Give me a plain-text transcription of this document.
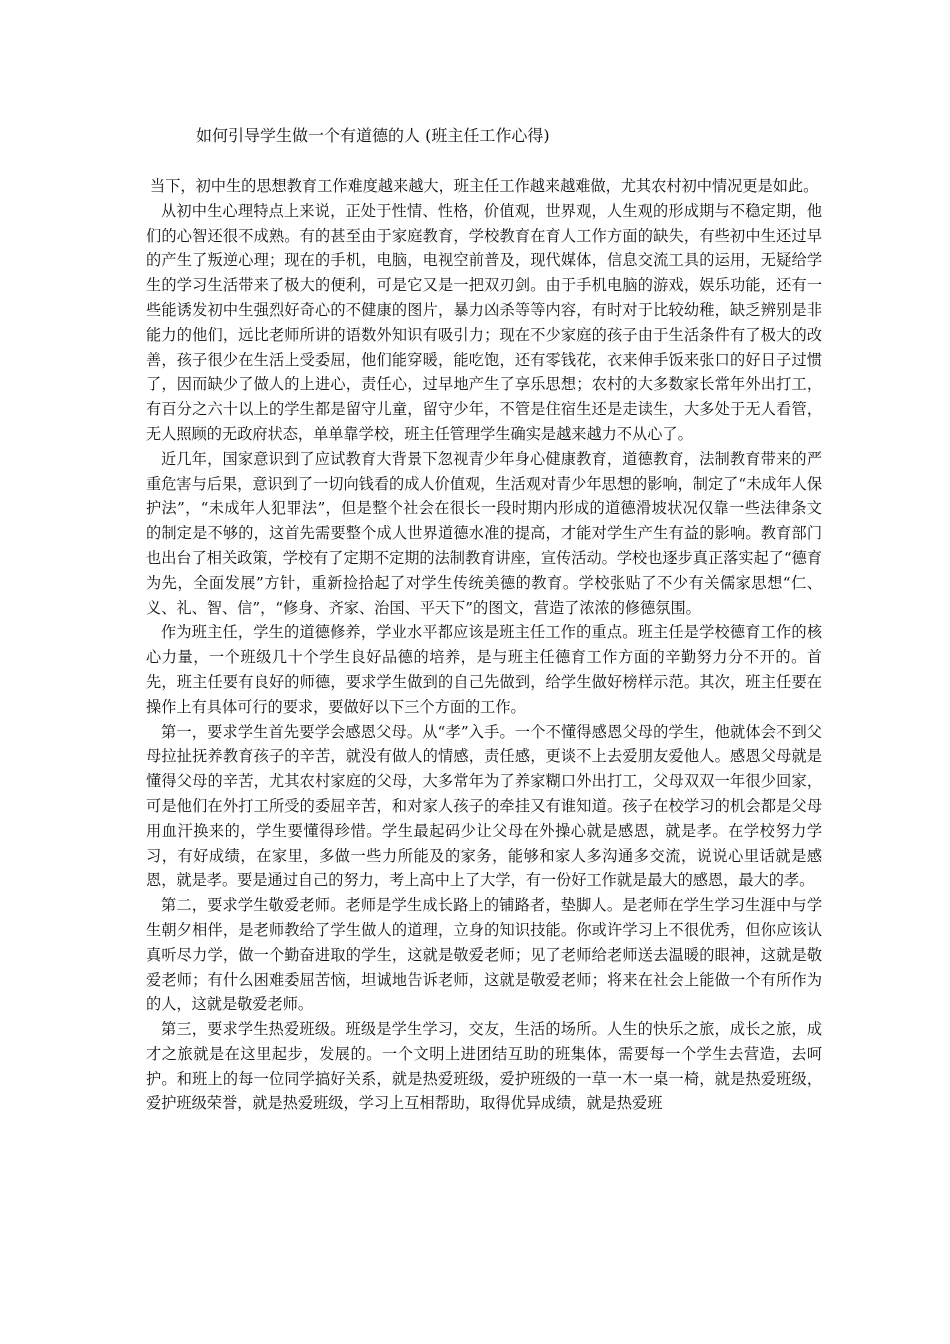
如何引导学生做一个有道德的人 (班主任工作心得)

当下，初中生的思想教育工作难度越来越大，班主任工作越来越难做，尤其农村初中情况更是如此。

从初中生心理特点上来说，正处于性情、性格，价值观，世界观，人生观的形成期与不稳定期，他们的心智还很不成熟。有的甚至由于家庭教育，学校教育在育人工作方面的缺失，有些初中生还过早的产生了叛逆心理；现在的手机，电脑，电视空前普及，现代媒体，信息交流工具的运用，无疑给学生的学习生活带来了极大的便利，可是它又是一把双刃剑。由于手机电脑的游戏，娱乐功能，还有一些能诱发初中生强烈好奇心的不健康的图片，暴力凶杀等等内容，有时对于比较幼稚，缺乏辨别是非能力的他们，远比老师所讲的语数外知识有吸引力；现在不少家庭的孩子由于生活条件有了极大的改善，孩子很少在生活上受委屈，他们能穿暖，能吃饱，还有零钱花，衣来伸手饭来张口的好日子过惯了，因而缺少了做人的上进心，责任心，过早地产生了享乐思想；农村的大多数家长常年外出打工，有百分之六十以上的学生都是留守儿童，留守少年，不管是住宿生还是走读生，大多处于无人看管，无人照顾的无政府状态，单单靠学校，班主任管理学生确实是越来越力不从心了。

近几年，国家意识到了应试教育大背景下忽视青少年身心健康教育，道德教育，法制教育带来的严重危害与后果，意识到了一切向钱看的成人价值观，生活观对青少年思想的影响，制定了“未成年人保护法”，“未成年人犯罪法”，但是整个社会在很长一段时期内形成的道德滑坡状况仅靠一些法律条文的制定是不够的，这首先需要整个成人世界道德水准的提高，才能对学生产生有益的影响。教育部门也出台了相关政策，学校有了定期不定期的法制教育讲座，宣传活动。学校也逐步真正落实起了“德育为先，全面发展”方针，重新捡拾起了对学生传统美德的教育。学校张贴了不少有关儒家思想“仁、义、礼、智、信”，“修身、齐家、治国、平天下”的图文，营造了浓浓的修德氛围。

作为班主任，学生的道德修养，学业水平都应该是班主任工作的重点。班主任是学校德育工作的核心力量，一个班级几十个学生良好品德的培养，是与班主任德育工作方面的辛勤努力分不开的。首先，班主任要有良好的师德，要求学生做到的自己先做到，给学生做好榜样示范。其次，班主任要在操作上有具体可行的要求，要做好以下三个方面的工作。

第一，要求学生首先要学会感恩父母。从“孝”入手。一个不懂得感恩父母的学生，他就体会不到父母拉扯抚养教育孩子的辛苦，就没有做人的情感，责任感，更谈不上去爱朋友爱他人。感恩父母就是懂得父母的辛苦，尤其农村家庭的父母，大多常年为了养家糊口外出打工，父母双双一年很少回家，可是他们在外打工所受的委屈辛苦，和对家人孩子的牵挂又有谁知道。孩子在校学习的机会都是父母用血汗换来的，学生要懂得珍惜。学生最起码少让父母在外操心就是感恩，就是孝。在学校努力学习，有好成绩，在家里，多做一些力所能及的家务，能够和家人多沟通多交流，说说心里话就是感恩，就是孝。要是通过自己的努力，考上高中上了大学，有一份好工作就是最大的感恩，最大的孝。

第二，要求学生敬爱老师。老师是学生成长路上的铺路者，垫脚人。是老师在学生学习生涯中与学生朝夕相伴，是老师教给了学生做人的道理，立身的知识技能。你或许学习上不很优秀，但你应该认真听尽力学，做一个勤奋进取的学生，这就是敬爱老师；见了老师给老师送去温暖的眼神，这就是敬爱老师；有什么困难委屈苦恼，坦诚地告诉老师，这就是敬爱老师；将来在社会上能做一个有所作为的人，这就是敬爱老师。

第三，要求学生热爱班级。班级是学生学习，交友，生活的场所。人生的快乐之旅，成长之旅，成才之旅就是在这里起步，发展的。一个文明上进团结互助的班集体，需要每一个学生去营造，去呵护。和班上的每一位同学搞好关系，就是热爱班级，爱护班级的一草一木一桌一椅，就是热爱班级，爱护班级荣誉，就是热爱班级，学习上互相帮助，取得优异成绩，就是热爱班
